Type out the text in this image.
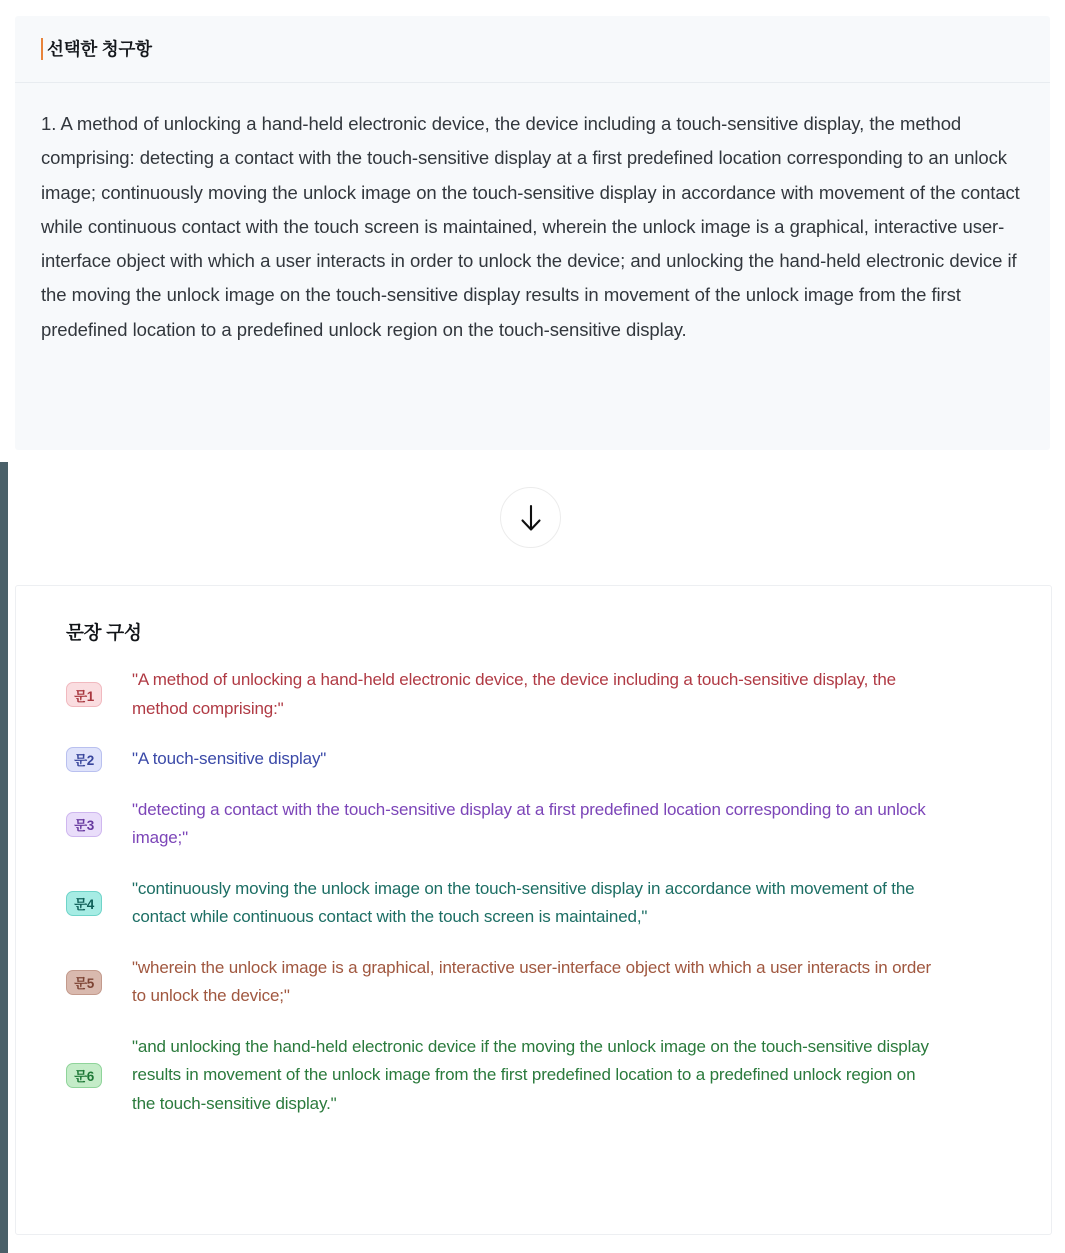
선택한 청구항
1. A method of unlocking a hand-held electronic device, the device including a touch-sensitive display, the method comprising: detecting a contact with the touch-sensitive display at a first predefined location corresponding to an unlock image; continuously moving the unlock image on the touch-sensitive display in accordance with movement of the contact while continuous contact with the touch screen is maintained, wherein the unlock image is a graphical, interactive user-interface object with which a user interacts in order to unlock the device; and unlocking the hand-held electronic device if the moving the unlock image on the touch-sensitive display results in movement of the unlock image from the first predefined location to a predefined unlock region on the touch-sensitive display.
문장 구성
문1
"A method of unlocking a hand-held electronic device, the device including a touch-sensitive display, the method comprising:"
문2	"A touch-sensitive display"
문3
"detecting a contact with the touch-sensitive display at a first predefined location corresponding to an unlock image;"
문4
"continuously moving the unlock image on the touch-sensitive display in accordance with movement of the contact while continuous contact with the touch screen is maintained,"
문5
"wherein the unlock image is a graphical, interactive user-interface object with which a user interacts in order to unlock the device;"
문6
"and unlocking the hand-held electronic device if the moving the unlock image on the touch-sensitive display results in movement of the unlock image from the first predefined location to a predefined unlock region on the touch-sensitive display."
